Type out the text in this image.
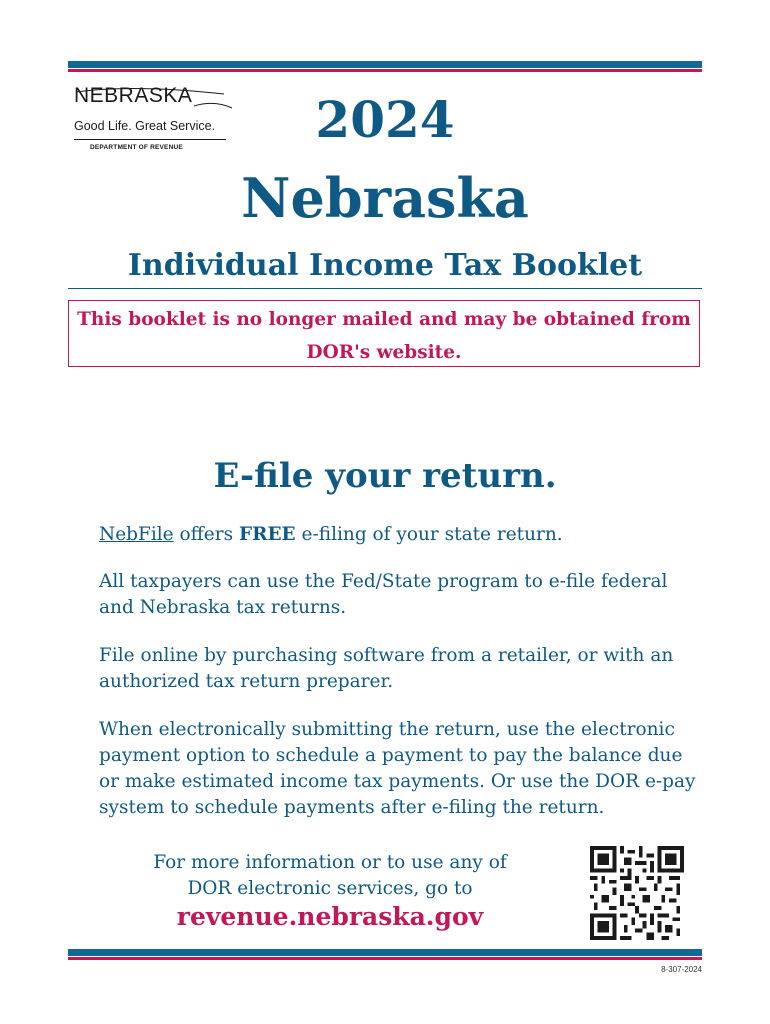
NEBRASKA
Good Life. Great Service.
DEPARTMENT OF REVENUE	2024
Nebraska
Individual Income Tax Booklet
This booklet is no longer mailed and may be obtained from
DOR's website.
E-file your return.
NebFile offers FREE e-filing of your state return.
All taxpayers can use the Fed/State program to e-file federal and Nebraska tax returns.
File online by purchasing software from a retailer, or with an authorized tax return preparer.
When electronically submitting the return, use the electronic payment option to schedule a payment to pay the balance due or make estimated income tax payments. Or use the DOR e-pay system to schedule payments after e-filing the return.
For more information or to use any of
DOR electronic services, go to
revenue.nebraska.gov
8-307-2024
